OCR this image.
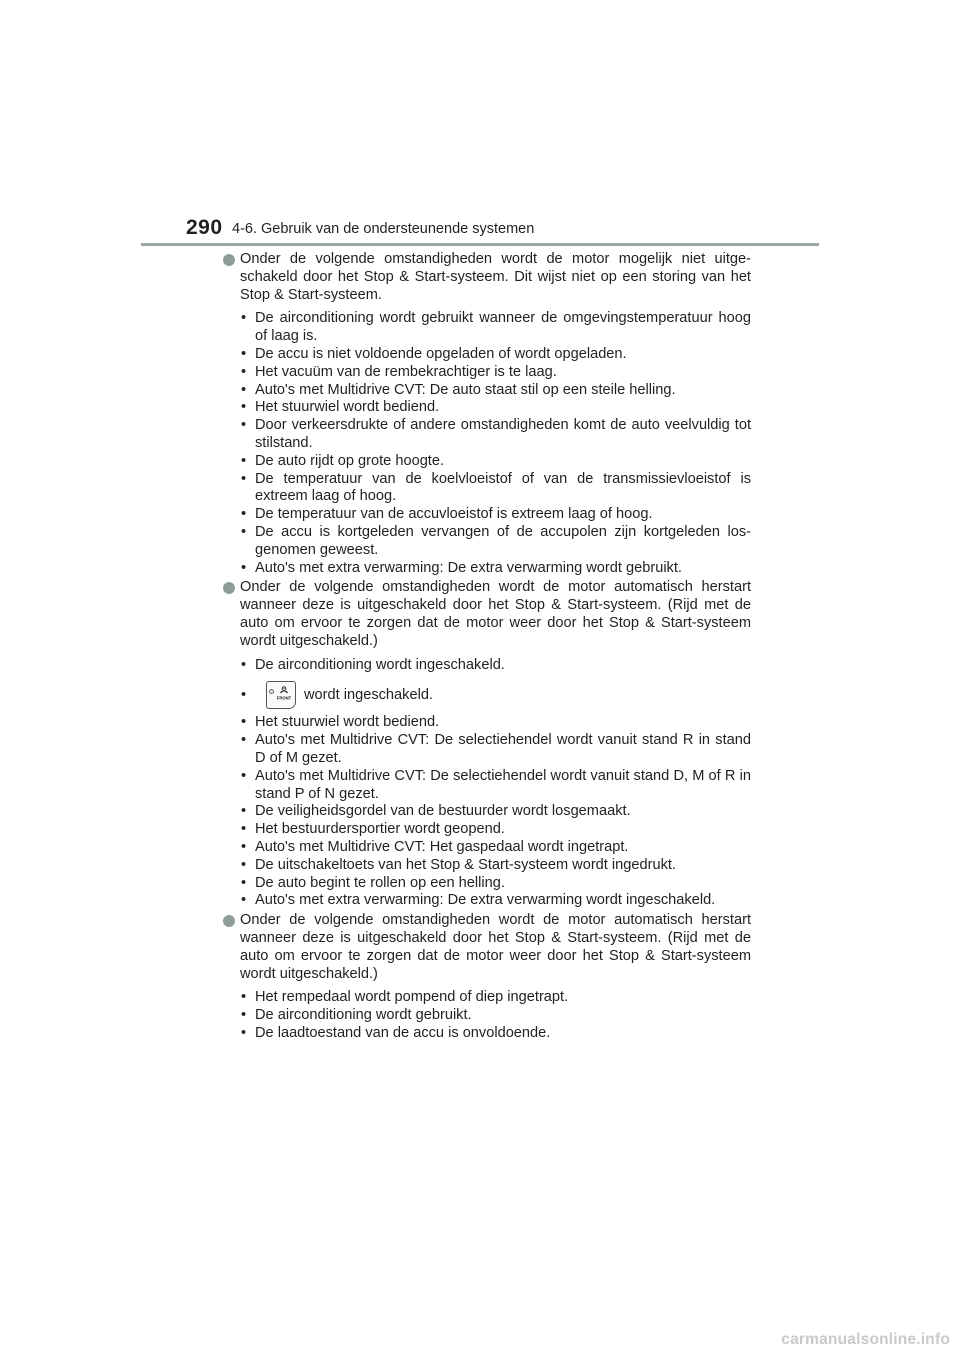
290 4-6. Gebruik van de ondersteunende systemen
Onder de volgende omstandigheden wordt de motor mogelijk niet uitge-schakeld door het Stop & Start-systeem. Dit wijst niet op een storing van het Stop & Start-systeem.
• De airconditioning wordt gebruikt wanneer de omgevingstemperatuur hoog of laag is.
• De accu is niet voldoende opgeladen of wordt opgeladen.
• Het vacuüm van de rembekrachtiger is te laag.
• Auto's met Multidrive CVT: De auto staat stil op een steile helling.
• Het stuurwiel wordt bediend.
• Door verkeersdrukte of andere omstandigheden komt de auto veelvuldig tot stilstand.
• De auto rijdt op grote hoogte.
• De temperatuur van de koelvloeistof of van de transmissievloeistof is extreem laag of hoog.
• De temperatuur van de accuvloeistof is extreem laag of hoog.
• De accu is kortgeleden vervangen of de accupolen zijn kortgeleden los-genomen geweest.
• Auto's met extra verwarming: De extra verwarming wordt gebruikt.
Onder de volgende omstandigheden wordt de motor automatisch herstart wanneer deze is uitgeschakeld door het Stop & Start-systeem. (Rijd met de auto om ervoor te zorgen dat de motor weer door het Stop & Start-systeem wordt uitgeschakeld.)
• De airconditioning wordt ingeschakeld.
• FRONT wordt ingeschakeld.
• Het stuurwiel wordt bediend.
• Auto's met Multidrive CVT: De selectiehendel wordt vanuit stand R in stand D of M gezet.
• Auto's met Multidrive CVT: De selectiehendel wordt vanuit stand D, M of R in stand P of N gezet.
• De veiligheidsgordel van de bestuurder wordt losgemaakt.
• Het bestuurdersportier wordt geopend.
• Auto's met Multidrive CVT: Het gaspedaal wordt ingetrapt.
• De uitschakeltoets van het Stop & Start-systeem wordt ingedrukt.
• De auto begint te rollen op een helling.
• Auto's met extra verwarming: De extra verwarming wordt ingeschakeld.
Onder de volgende omstandigheden wordt de motor automatisch herstart wanneer deze is uitgeschakeld door het Stop & Start-systeem. (Rijd met de auto om ervoor te zorgen dat de motor weer door het Stop & Start-systeem wordt uitgeschakeld.)
• Het rempedaal wordt pompend of diep ingetrapt.
• De airconditioning wordt gebruikt.
• De laadtoestand van de accu is onvoldoende.
carmanualsonline.info
